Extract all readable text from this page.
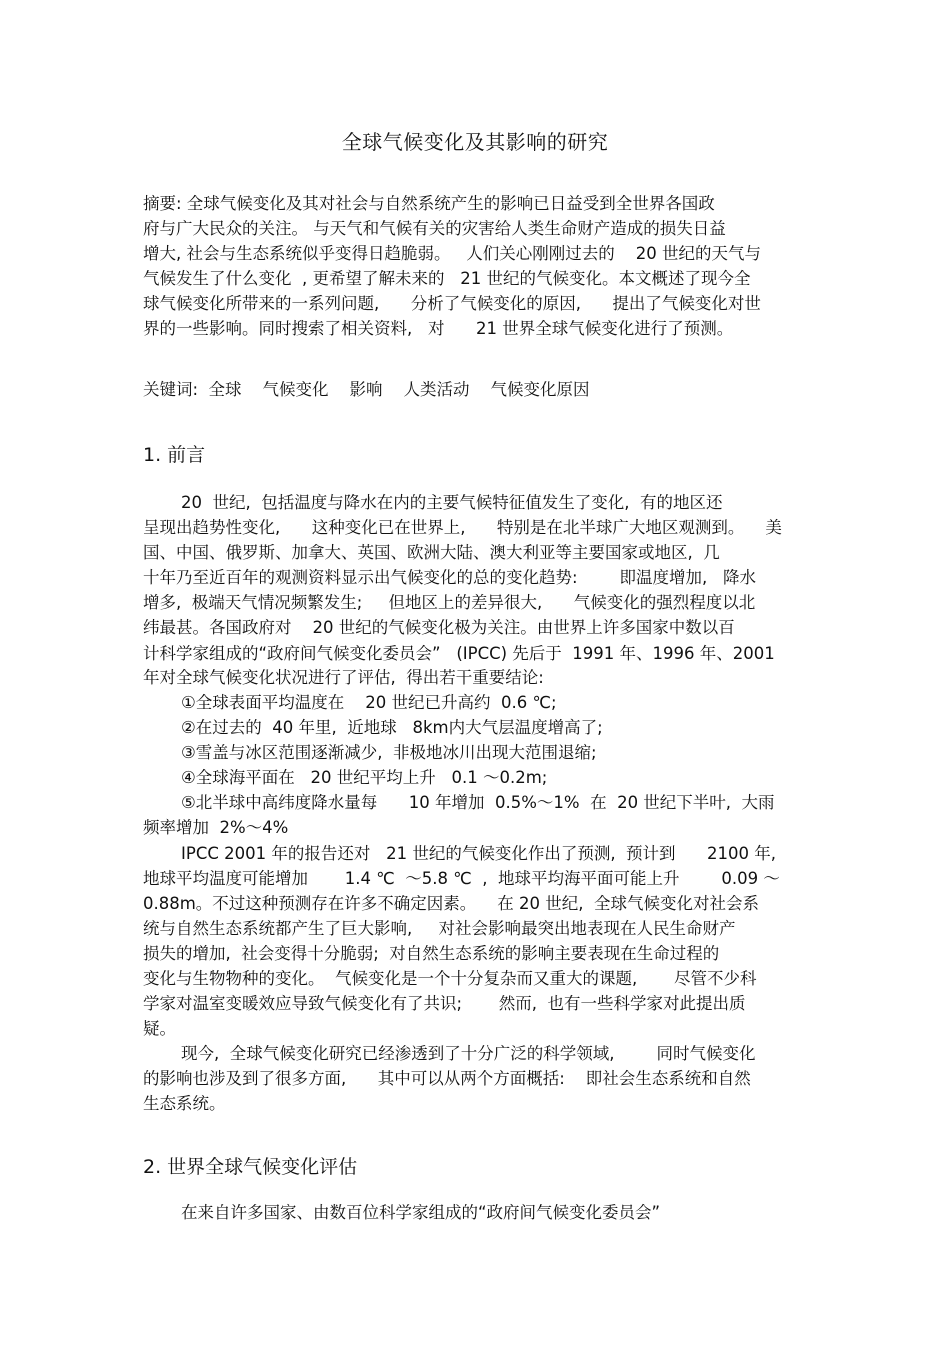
全球气候变化及其影响的研究
摘要: 全球气候变化及其对社会与自然系统产生的影响已日益受到全世界各国政
府与广大民众的关注。 与天气和气候有关的灾害给人类生命财产造成的损失日益
增大, 社会与生态系统似乎变得日趋脆弱。   人们关心刚刚过去的    20 世纪的天气与
气候发生了什么变化  , 更希望了解未来的   21 世纪的气候变化。本文概述了现今全
球气候变化所带来的一系列问题,      分析了气候变化的原因,      提出了气候变化对世
界的一些影响。同时搜索了相关资料,   对      21 世界全球气候变化进行了预测。
关键词:  全球    气候变化    影响    人类活动    气候变化原因
1. 前言
20  世纪,  包括温度与降水在内的主要气候特征值发生了变化,  有的地区还
呈现出趋势性变化,      这种变化已在世界上,      特别是在北半球广大地区观测到。    美
国、中国、俄罗斯、加拿大、英国、欧洲大陆、澳大利亚等主要国家或地区,  几
十年乃至近百年的观测资料显示出气候变化的总的变化趋势:        即温度增加,   降水
增多,  极端天气情况频繁发生;     但地区上的差异很大,      气候变化的强烈程度以北
纬最甚。各国政府对    20 世纪的气候变化极为关注。由世界上许多国家中数以百
计科学家组成的“政府间气候变化委员会”   (IPCC) 先后于  1991 年、1996 年、2001
年对全球气候变化状况进行了评估,  得出若干重要结论:
①全球表面平均温度在    20 世纪已升高约  0.6 ℃;
②在过去的  40 年里,  近地球   8km内大气层温度增高了;
③雪盖与冰区范围逐渐减少,  非极地冰川出现大范围退缩;
④全球海平面在   20 世纪平均上升   0.1 ～0.2m;
⑤北半球中高纬度降水量每      10 年增加  0.5%～1%  在  20 世纪下半叶,  大雨
频率增加  2%～4%
IPCC 2001 年的报告还对   21 世纪的气候变化作出了预测,  预计到      2100 年,
地球平均温度可能增加       1.4 ℃  ～5.8 ℃  ,  地球平均海平面可能上升        0.09 ～
0.88m。不过这种预测存在许多不确定因素。    在 20 世纪,  全球气候变化对社会系
统与自然生态系统都产生了巨大影响,     对社会影响最突出地表现在人民生命财产
损失的增加,  社会变得十分脆弱;  对自然生态系统的影响主要表现在生命过程的
变化与生物物种的变化。  气候变化是一个十分复杂而又重大的课题,       尽管不少科
学家对温室变暖效应导致气候变化有了共识;       然而,  也有一些科学家对此提出质
疑。
现今,  全球气候变化研究已经渗透到了十分广泛的科学领域,        同时气候变化
的影响也涉及到了很多方面,      其中可以从两个方面概括:    即社会生态系统和自然
生态系统。
2. 世界全球气候变化评估
在来自许多国家、由数百位科学家组成的“政府间气候变化委员会”
